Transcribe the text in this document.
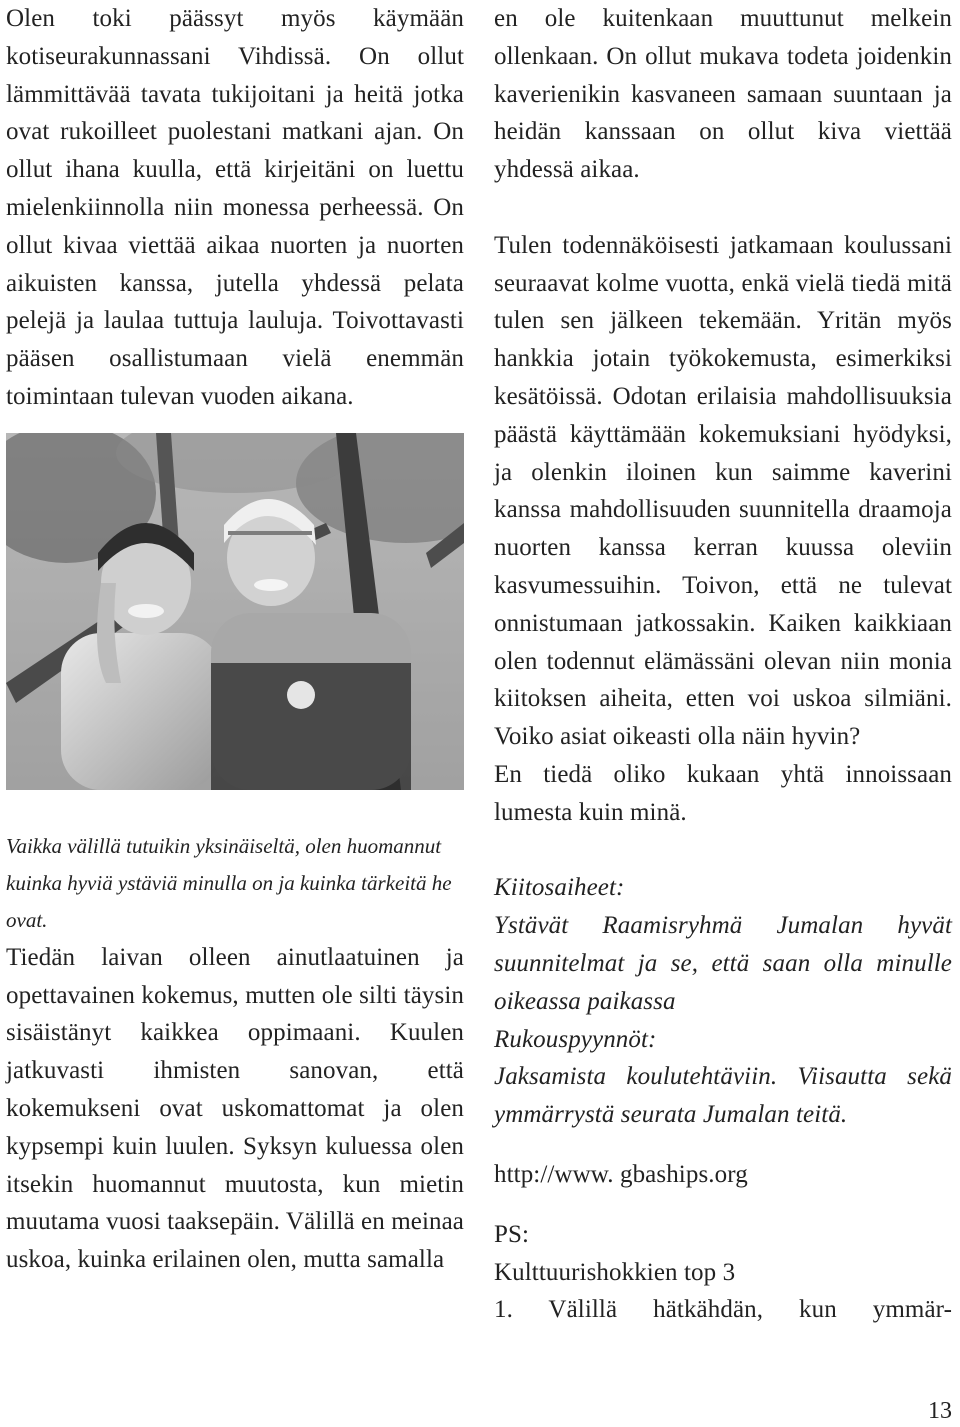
Olen toki päässyt myös käymään kotiseurakunnassani Vihdissä. On ollut lämmittävää tavata tukijoitani ja heitä jotka ovat rukoilleet puolestani matkani ajan. On ollut ihana kuulla, että kirjeitäni on luettu mielenkiinnolla niin monessa perheessä. On ollut kivaa viettää aikaa nuorten ja nuorten aikuisten kanssa, jutella yhdessä pelata pelejä ja laulaa tuttuja lauluja. Toivottavasti pääsen osallistumaan vielä enemmän toimintaan tulevan vuoden aikana.

Vaikka välillä tutuikin yksinäiseltä, olen huomannut kuinka hyviä ystäviä minulla on ja kuinka tärkeitä he ovat.

Tiedän laivan olleen ainutlaatuinen ja opettavainen kokemus, mutten ole silti täysin sisäistänyt kaikkea oppimaani. Kuulen jatkuvasti ihmisten sanovan, että kokemukseni ovat uskomattomat ja olen kypsempi kuin luulen. Syksyn kuluessa olen itsekin huomannut muutosta, kun mietin muutama vuosi taaksepäin. Välillä en meinaa uskoa, kuinka erilainen olen, mutta samalla

en ole kuitenkaan muuttunut melkein ollenkaan. On ollut mukava todeta joidenkin kaverienikin kasvaneen samaan suuntaan ja heidän kanssaan on ollut kiva viettää yhdessä aikaa.

Tulen todennäköisesti jatkamaan koulussani seuraavat kolme vuotta, enkä vielä tiedä mitä tulen sen jälkeen tekemään. Yritän myös hankkia jotain työkokemusta, esimerkiksi kesätöissä. Odotan erilaisia mahdollisuuksia päästä käyttämään kokemuksiani hyödyksi, ja olenkin iloinen kun saimme kaverini kanssa mahdollisuuden suunnitella draamoja nuorten kanssa kerran kuussa oleviin kasvumessuihin. Toivon, että ne tulevat onnistumaan jatkossakin. Kaiken kaikkiaan olen todennut elämässäni olevan niin monia kiitoksen aiheita, etten voi uskoa silmiäni. Voiko asiat oikeasti olla näin hyvin?

En tiedä oliko kukaan yhtä innoissaan lumesta kuin minä.

Kiitosaiheet:

Ystävät Raamisryhmä Jumalan hyvät suunnitelmat ja se, että saan olla minulle oikeassa paikassa

Rukouspyynnöt:

Jaksamista koulutehtäviin. Viisautta sekä ymmärrystä seurata Jumalan teitä.

http://www. gbaships.org

PS:

Kulttuurishokkien top 3

1. Välillä hätkähdän, kun ymmär-

13
